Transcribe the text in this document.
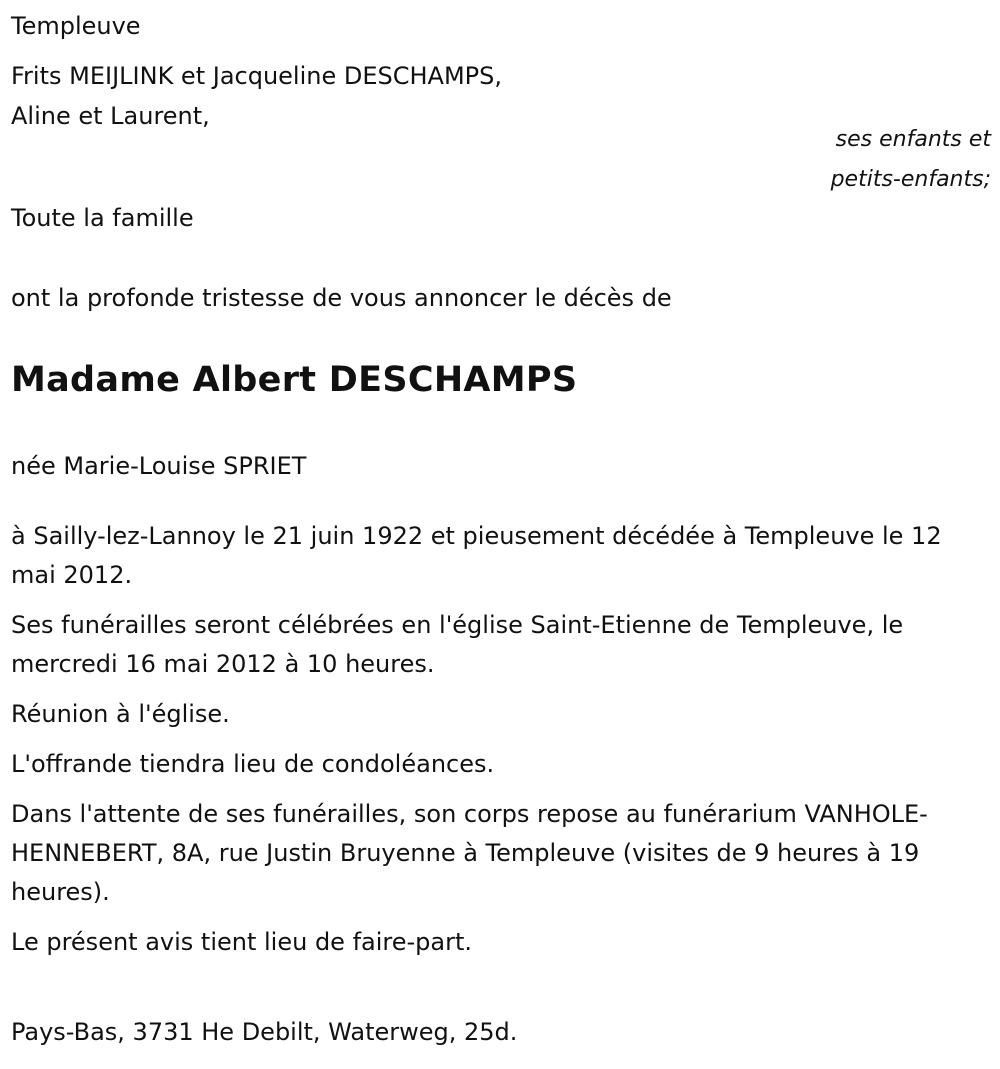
Templeuve
Frits MEIJLINK et Jacqueline DESCHAMPS,
Aline et Laurent,
ses enfants et
petits-enfants;
Toute la famille
ont la profonde tristesse de vous annoncer le décès de
Madame Albert DESCHAMPS
née Marie-Louise SPRIET
à Sailly-lez-Lannoy le 21 juin 1922 et pieusement décédée à Templeuve le 12 mai 2012.
Ses funérailles seront célébrées en l'église Saint-Etienne de Templeuve, le mercredi 16 mai 2012 à 10 heures.
Réunion à l'église.
L'offrande tiendra lieu de condoléances.
Dans l'attente de ses funérailles, son corps repose au funérarium VANHOLE-HENNEBERT, 8A, rue Justin Bruyenne à Templeuve (visites de 9 heures à 19 heures).
Le présent avis tient lieu de faire-part.
Pays-Bas, 3731 He Debilt, Waterweg, 25d.
